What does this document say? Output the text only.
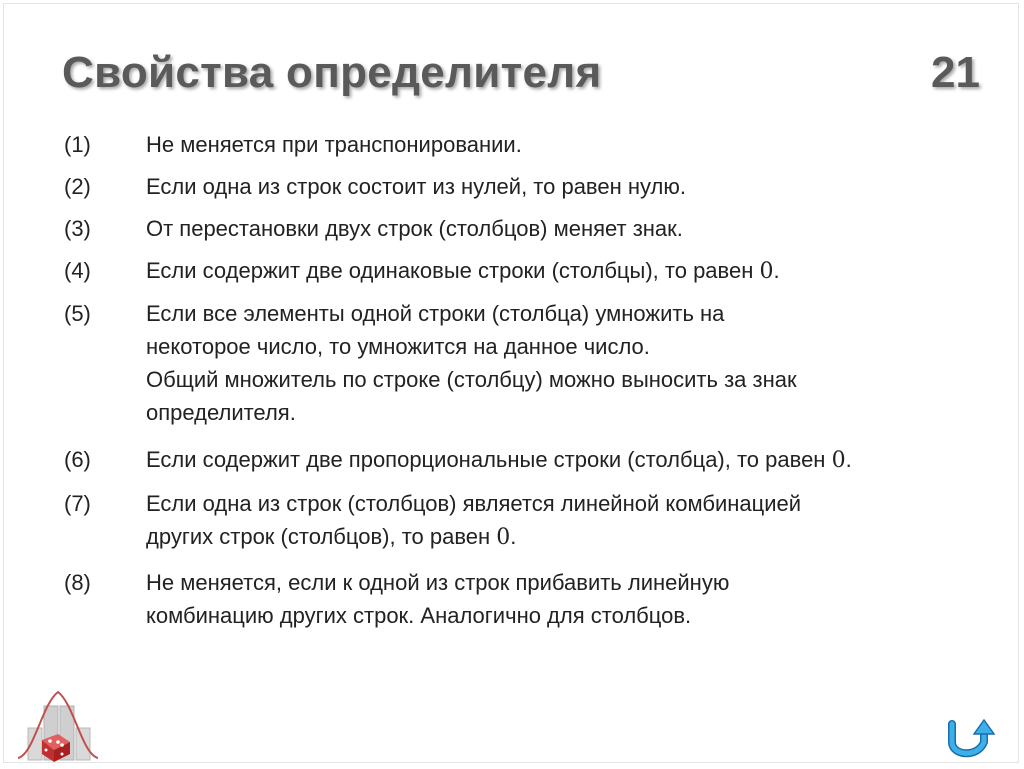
Свойства определителя	21
(1)	Не меняется при транспонировании.
(2)	Если одна из строк состоит из нулей, то равен нулю.
(3)	От перестановки двух строк (столбцов) меняет знак.
(4)	Если содержит две одинаковые строки (столбцы), то равен 0.
(5)	Если все элементы одной строки (столбца) умножить на
некоторое число, то умножится на данное число.
Общий множитель по строке (столбцу) можно выносить за знак
определителя.
(6)	Если содержит две пропорциональные строки (столбца), то равен 0.
(7)	Если одна из строк (столбцов) является линейной комбинацией
других строк (столбцов), то равен 0.
(8)	Не меняется, если к одной из строк прибавить линейную
комбинацию других строк. Аналогично для столбцов.
